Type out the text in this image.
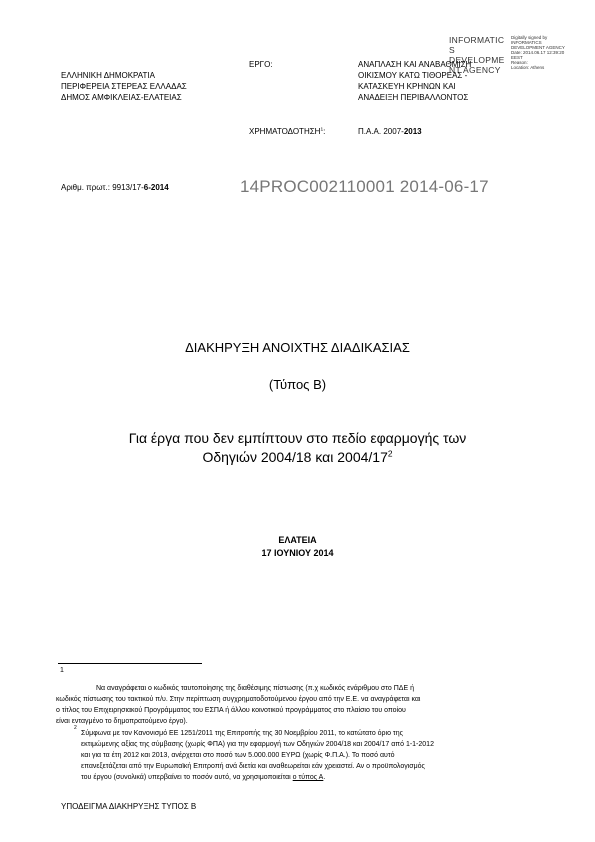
INFORMATIC
S
DEVELOPME
NT AGENCY
Digitally signed by
INFORMATICS
DEVELOPMENT AGENCY
Date: 2014.06.17 12:39:20
EEST
Reason:
Location: Athens
ΕΛΛΗΝΙΚΗ ΔΗΜΟΚΡΑΤΙΑ
ΠΕΡΙΦΕΡΕΙΑ ΣΤΕΡΕΑΣ ΕΛΛΑΔΑΣ
ΔΗΜΟΣ ΑΜΦΙΚΛΕΙΑΣ-ΕΛΑΤΕΙΑΣ
ΕΡΓΟ:	ΑΝΑΠΛΑΣΗ ΚΑΙ ΑΝΑΒΑΘΜΙΣΗ
ΟΙΚΙΣΜΟΥ ΚΑΤΩ ΤΙΘΟΡΕΑΣ -
ΚΑΤΑΣΚΕΥΗ ΚΡΗΝΩΝ ΚΑΙ
ΑΝΑΔΕΙΞΗ ΠΕΡΙΒΑΛΛΟΝΤΟΣ
ΧΡΗΜΑΤΟΔΟΤΗΣΗ$^1$:	Π.Α.Α. 2007-2013
Αριθμ. πρωτ.: 9913/17-6-2014	14PROC002110001 2014-06-17
ΔΙΑΚΗΡΥΞΗ ΑΝΟΙΧΤΗΣ ΔΙΑΔΙΚΑΣΙΑΣ
(Τύπος Β)
Για έργα που δεν εμπίπτουν στο πεδίο εφαρμογής των
Οδηγιών 2004/18 και $2004/17^2$
ΕΛΑΤΕΙΑ
17 ΙΟΥΝΙΟΥ 2014
1
Να αναγράφεται ο κωδικός ταυτοποίησης της διαθέσιμης πίστωσης (π.χ κωδικός ενάριθμου στο ΠΔΕ ή
κωδικός πίστωσης του τακτικού π/υ. Στην περίπτωση συγχρηματοδοτούμενου έργου από την Ε.Ε. να αναγράφεται και
ο τίτλος του Επιχειρησιακού Προγράμματος του ΕΣΠΑ ή άλλου κοινοτικού προγράμματος στο πλαίσιο του οποίου
είναι ενταγμένο το δημοπρατούμενο έργο).
2
Σύμφωνα με τον Κανονισμό ΕΕ 1251/2011 της Επιτροπής της 30 Νοεμβρίου 2011, το κατώτατο όριο της
εκτιμώμενης αξίας της σύμβασης (χωρίς ΦΠΑ) για την εφαρμογή των Οδηγιών 2004/18 και 2004/17 από 1-1-2012
και για τα έτη 2012 και 2013, ανέρχεται στο ποσό των 5.000.000 ΕΥΡΩ (χωρίς Φ.Π.Α.). Το ποσό αυτό
επανεξετάζεται από την Ευρωπαϊκή Επιτροπή ανά διετία και αναθεωρείται εάν χρειαστεί. Αν ο προϋπολογισμός
του έργου (συνολικά) υπερβαίνει το ποσόν αυτό, να χρησιμοποιείται ο τύπος Α.
ΥΠΟΔΕΙΓΜΑ ΔΙΑΚΗΡΥΞΗΣ ΤΥΠΟΣ Β
